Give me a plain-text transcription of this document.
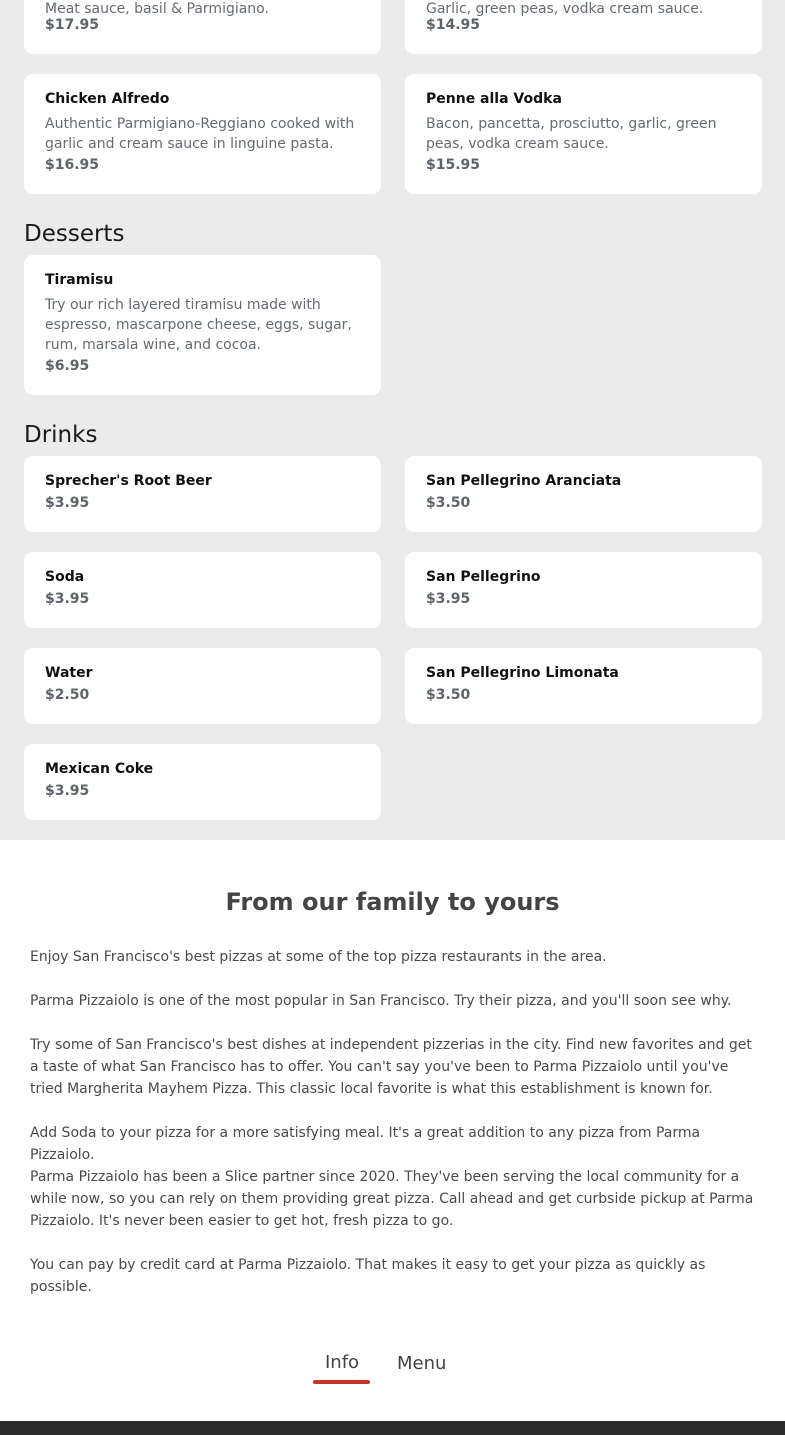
Meat sauce, basil & Parmigiano.
$17.95
Garlic, green peas, vodka cream sauce.
$14.95
Chicken Alfredo
Authentic Parmigiano-Reggiano cooked with garlic and cream sauce in linguine pasta.
$16.95
Penne alla Vodka
Bacon, pancetta, prosciutto, garlic, green peas, vodka cream sauce.
$15.95
Desserts
Tiramisu
Try our rich layered tiramisu made with espresso, mascarpone cheese, eggs, sugar, rum, marsala wine, and cocoa.
$6.95
Drinks
Sprecher's Root Beer
$3.95
San Pellegrino Aranciata
$3.50
Soda
$3.95
San Pellegrino
$3.95
Water
$2.50
San Pellegrino Limonata
$3.50
Mexican Coke
$3.95
From our family to yours

Enjoy San Francisco's best pizzas at some of the top pizza restaurants in the area.

Parma Pizzaiolo is one of the most popular in San Francisco. Try their pizza, and you'll soon see why.

Try some of San Francisco's best dishes at independent pizzerias in the city. Find new favorites and get a taste of what San Francisco has to offer. You can't say you've been to Parma Pizzaiolo until you've tried Margherita Mayhem Pizza. This classic local favorite is what this establishment is known for.

Add Soda to your pizza for a more satisfying meal. It's a great addition to any pizza from Parma Pizzaiolo.

Parma Pizzaiolo has been a Slice partner since 2020. They've been serving the local community for a while now, so you can rely on them providing great pizza. Call ahead and get curbside pickup at Parma Pizzaiolo. It's never been easier to get hot, fresh pizza to go.

You can pay by credit card at Parma Pizzaiolo. That makes it easy to get your pizza as quickly as possible.

Info Menu
